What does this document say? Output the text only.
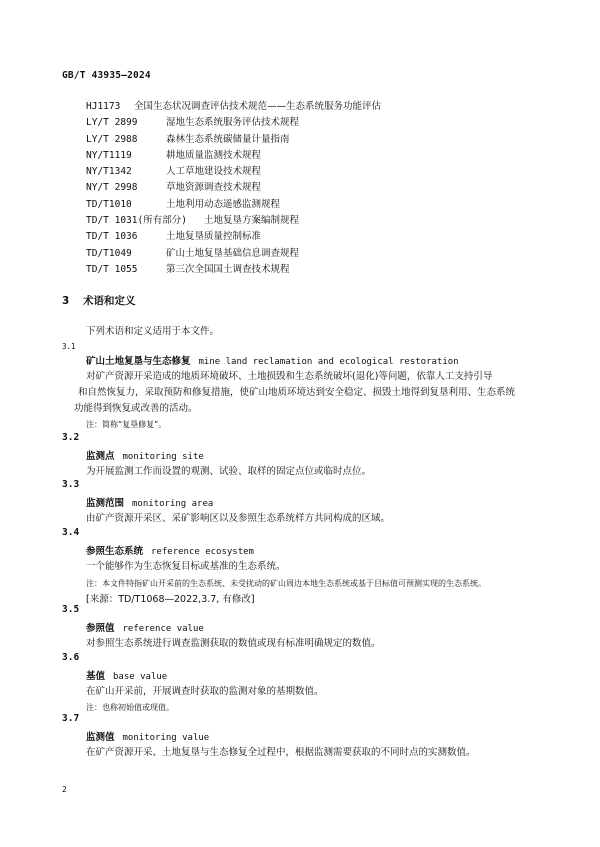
GB/T 43935—2024
HJ1173 全国生态状况调查评估技术规范——生态系统服务功能评估
LY/T 2899	湿地生态系统服务评估技术规程
LY/T 2988	森林生态系统碳储量计量指南
NY/T1119	耕地质量监测技术规程
NY/T1342	人工草地建设技术规程
NY/T 2998	草地资源调查技术规程
TD/T1010	土地利用动态遥感监测规程
TD/T 1031(所有部分) 土地复垦方案编制规程
TD/T 1036	土地复垦质量控制标准
TD/T1049	矿山土地复垦基础信息调查规程
TD/T 1055	第三次全国国土调查技术规程
3 术语和定义
下列术语和定义适用于本文件。
3.1
矿山土地复垦与生态修复 mine land reclamation and ecological restoration
对矿产资源开采造成的地质环境破坏、土地损毁和生态系统破坏(退化)等问题，依靠人工支持引导
和自然恢复力，采取预防和修复措施，使矿山地质环境达到安全稳定、损毁土地得到复垦利用、生态系统
功能得到恢复或改善的活动。
注：简称“复垦修复”。
3.2
监测点 monitoring site
为开展监测工作而设置的观测、试验、取样的固定点位或临时点位。
3.3
监测范围 monitoring area
由矿产资源开采区、采矿影响区以及参照生态系统样方共同构成的区域。
3.4
参照生态系统 reference ecosystem
一个能够作为生态恢复目标或基准的生态系统。
注：本文件特指矿山开采前的生态系统、未受扰动的矿山周边本地生态系统或基于目标值可预测实现的生态系统。
[来源：TD/T1068—2022,3.7, 有修改]
3.5
参照值 reference value
对参照生态系统进行调查监测获取的数值或现有标准明确规定的数值。
3.6
基值 base value
在矿山开采前，开展调查时获取的监测对象的基期数值。
注：也称初始值或现值。
3.7
监测值 monitoring value
在矿产资源开采、土地复垦与生态修复全过程中，根据监测需要获取的不同时点的实测数值。
2
